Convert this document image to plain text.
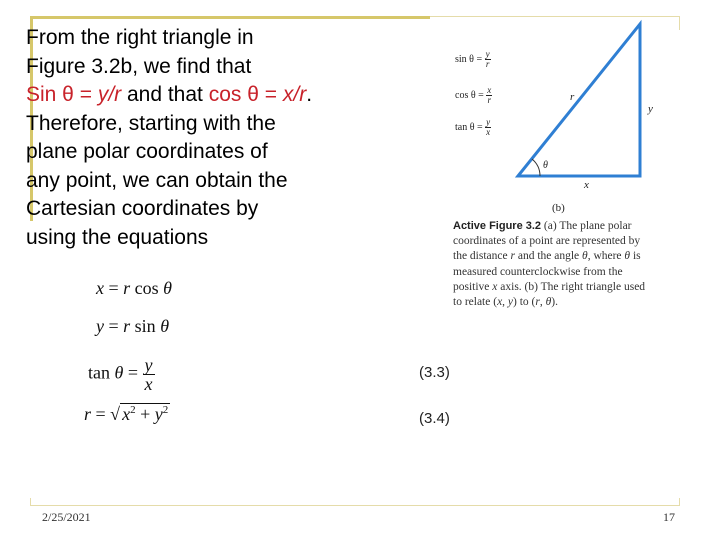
From the right triangle in
Figure 3.2b, we find that
Sin θ = y/r and that cos θ = x/r.
Therefore, starting with the
plane polar coordinates of
any point, we can obtain the
Cartesian coordinates by
using the equations
x = r cos θ
y = r sin θ
$\tan \theta = \frac{y}{x}$
r = √ $x^2 + y^2$
(3.3)
(3.4)
$\sin \theta = \frac{y}{r}$
$\cos \theta = \frac{x}{r}$
$\tan \theta = \frac{y}{x}$
r
y
x
θ
(b)
Active Figure 3.2 (a) The plane polar coordinates of a point are represented by the distance r and the angle θ, where θ is measured counterclockwise from the positive x axis. (b) The right triangle used to relate (x, y) to (r, θ).
2/25/2021	17
